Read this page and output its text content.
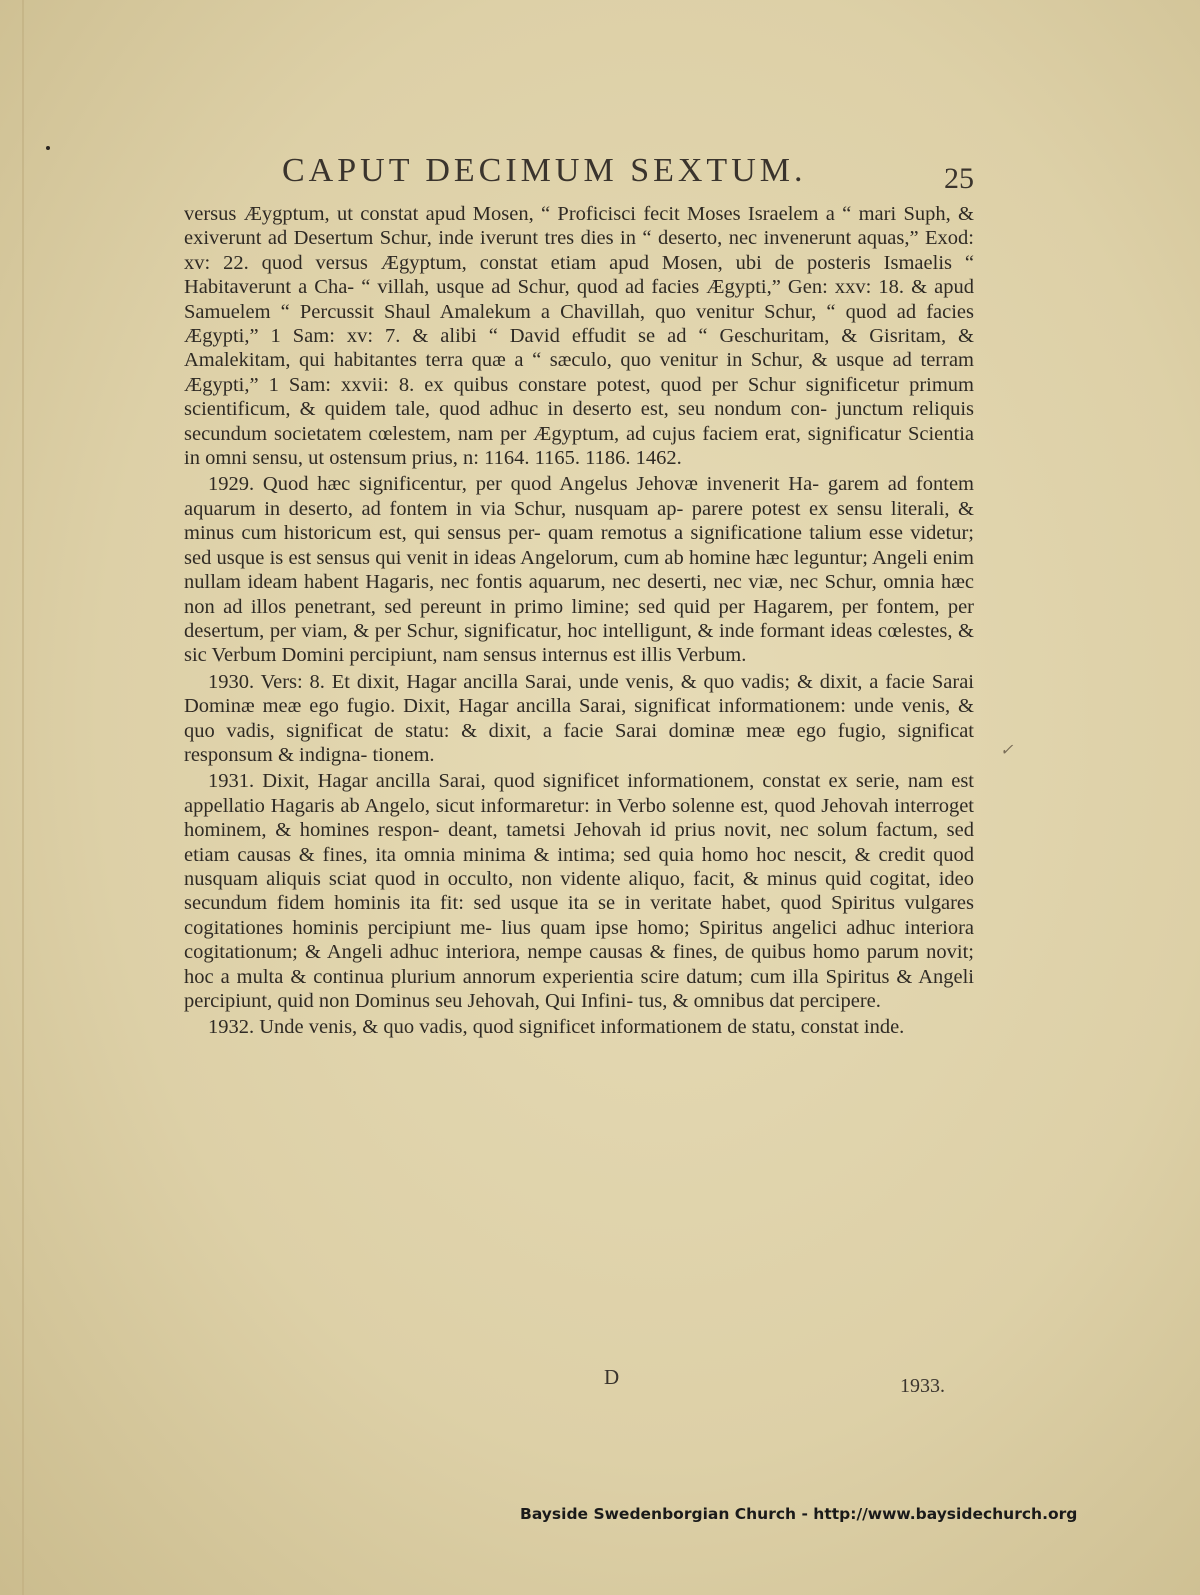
CAPUT DECIMUM SEXTUM.	25

versus Æygptum, ut constat apud Mosen, “ Proficisci fecit Moses Israelem a “ mari Suph, & exiverunt ad Desertum Schur, inde iverunt tres dies in “ deserto, nec invenerunt aquas,” Exod: xv: 22. quod versus Ægyptum, constat etiam apud Mosen, ubi de posteris Ismaelis “ Habitaverunt a Cha- “ villah, usque ad Schur, quod ad facies Ægypti,” Gen: xxv: 18. & apud Samuelem “ Percussit Shaul Amalekum a Chavillah, quo venitur Schur, “ quod ad facies Ægypti,” 1 Sam: xv: 7. & alibi “ David effudit se ad “ Geschuritam, & Gisritam, & Amalekitam, qui habitantes terra quæ a “ sæculo, quo venitur in Schur, & usque ad terram Ægypti,” 1 Sam: xxvii: 8. ex quibus constare potest, quod per Schur significetur primum scientificum, & quidem tale, quod adhuc in deserto est, seu nondum con- junctum reliquis secundum societatem cœlestem, nam per Ægyptum, ad cujus faciem erat, significatur Scientia in omni sensu, ut ostensum prius, n: 1164. 1165. 1186. 1462.

1929. Quod hæc significentur, per quod Angelus Jehovæ invenerit Ha- garem ad fontem aquarum in deserto, ad fontem in via Schur, nusquam ap- parere potest ex sensu literali, & minus cum historicum est, qui sensus per- quam remotus a significatione talium esse videtur; sed usque is est sensus qui venit in ideas Angelorum, cum ab homine hæc leguntur; Angeli enim nullam ideam habent Hagaris, nec fontis aquarum, nec deserti, nec viæ, nec Schur, omnia hæc non ad illos penetrant, sed pereunt in primo limine; sed quid per Hagarem, per fontem, per desertum, per viam, & per Schur, significatur, hoc intelligunt, & inde formant ideas cœlestes, & sic Verbum Domini percipiunt, nam sensus internus est illis Verbum.

1930. Vers: 8. Et dixit, Hagar ancilla Sarai, unde venis, & quo vadis; & dixit, a facie Sarai Dominæ meæ ego fugio. Dixit, Hagar ancilla Sarai, significat informationem: unde venis, & quo vadis, significat de statu: & dixit, a facie Sarai dominæ meæ ego fugio, significat responsum & indigna- tionem.

1931. Dixit, Hagar ancilla Sarai, quod significet informationem, constat ex serie, nam est appellatio Hagaris ab Angelo, sicut informaretur: in Verbo solenne est, quod Jehovah interroget hominem, & homines respon- deant, tametsi Jehovah id prius novit, nec solum factum, sed etiam causas & fines, ita omnia minima & intima; sed quia homo hoc nescit, & credit quod nusquam aliquis sciat quod in occulto, non vidente aliquo, facit, & minus quid cogitat, ideo secundum fidem hominis ita fit: sed usque ita se in veritate habet, quod Spiritus vulgares cogitationes hominis percipiunt me- lius quam ipse homo; Spiritus angelici adhuc interiora cogitationum; & Angeli adhuc interiora, nempe causas & fines, de quibus homo parum novit; hoc a multa & continua plurium annorum experientia scire datum; cum illa Spiritus & Angeli percipiunt, quid non Dominus seu Jehovah, Qui Infini- tus, & omnibus dat percipere.

1932. Unde venis, & quo vadis, quod significet informationem de statu, constat inde.

✓
D	1933.
Bayside Swedenborgian Church - http://www.baysidechurch.org
